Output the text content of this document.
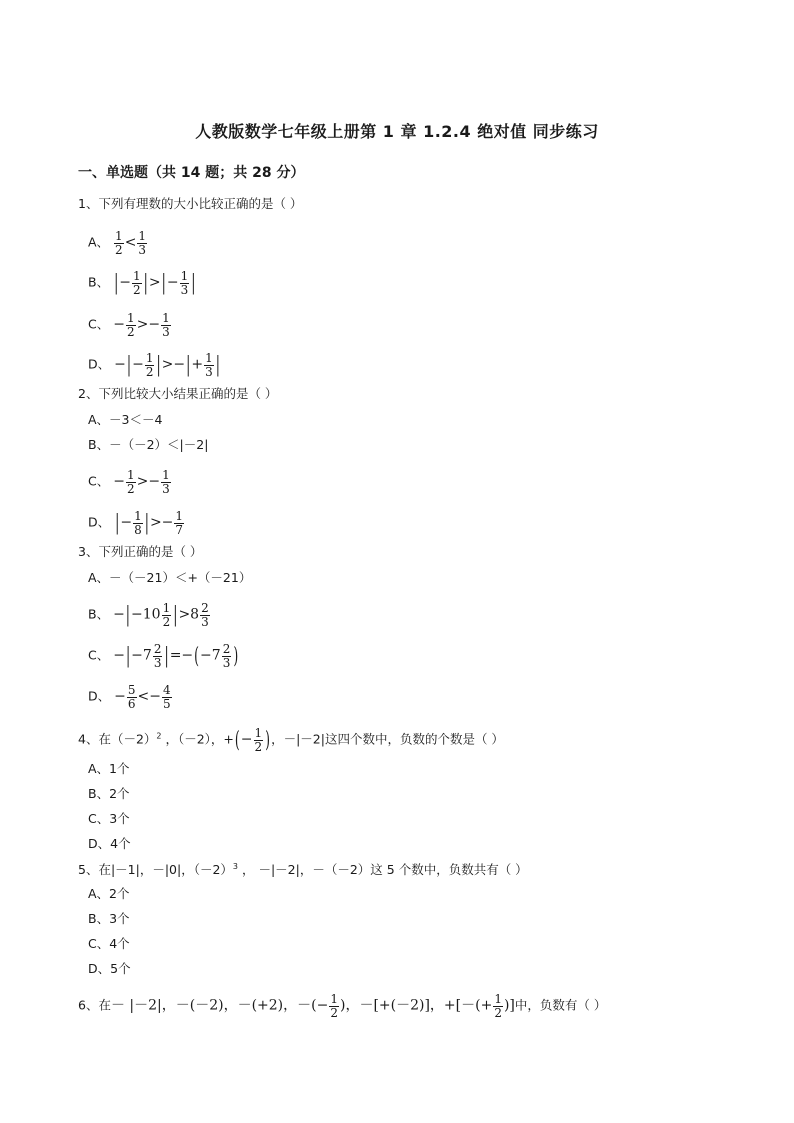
人教版数学七年级上册第 1 章 1.2.4 绝对值 同步练习
一、单选题（共 14 题；共 28 分）
1、下列有理数的大小比较正确的是（ ）
A、 $\frac{1}{2} < \frac{1}{3}$
B、 |− $\frac{1}{2}$ |>|− $\frac{1}{3}$ |
C、 − $\frac{1}{2} >- \frac{1}{3}$
D、 −|− $\frac{1}{2}$ |>−|+ $\frac{1}{3}$ |
2、下列比较大小结果正确的是（ ）
A、－3＜－4
B、－（－2）＜|－2|
C、 − $\frac{1}{2} >- \frac{1}{3}$
D、 |− $\frac{1}{8}$ |>− $\frac{1}{7}$
3、下列正确的是（ ）
A、－（－21）＜+（－21）
B、 $-|-10 \frac{1}{2} |>8 \frac{2}{3}$
C、 $-|-7 \frac{2}{3} |=-(-7 \frac{2}{3}$ )
D、 − $\frac{5}{6} <- \frac{4}{5}$
4、在$(-2)^2$ ，（－2），+(− $\frac{1}{2}$ )，－|－2|这四个数中，负数的个数是（ ）
A、1个
B、2个
C、3个
D、4个
5、在|－1|，－|0|，$(-2)^3$ ， －|－2|，－（－2）这 5 个数中，负数共有（ ）
A、2个
B、3个
C、4个
D、5个
6、在－ |－2|，－(－2)，－(+2)，－(− $\frac{1}{2}$ )，－[+(－2)]，+[－(+ $\frac{1}{2}$ )]中，负数有（ ）
